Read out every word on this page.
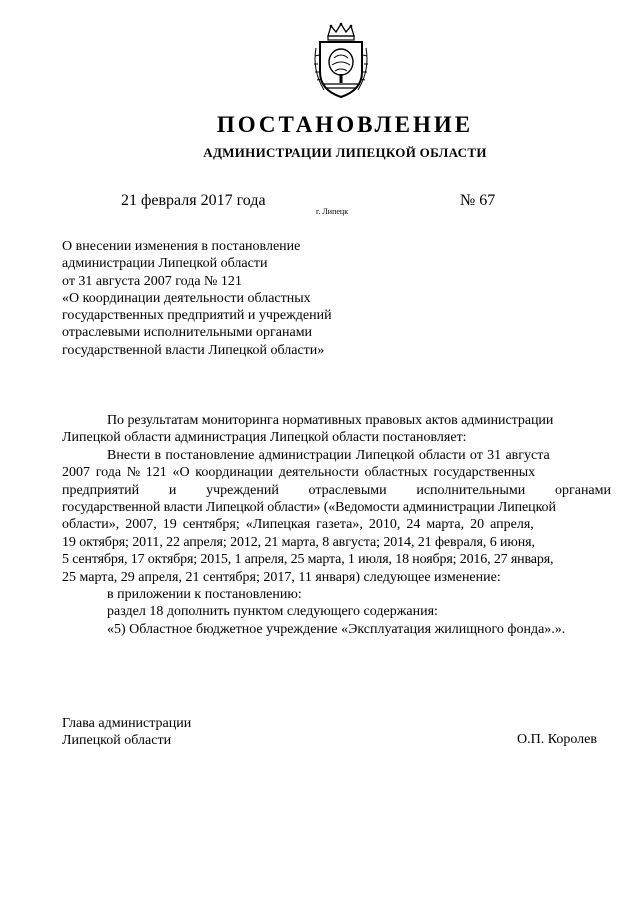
ПОСТАНОВЛЕНИЕ
АДМИНИСТРАЦИИ ЛИПЕЦКОЙ ОБЛАСТИ
21 февраля 2017 года
г. Липецк
№ 67
О внесении изменения в постановление
администрации Липецкой области
от 31 августа 2007 года № 121
«О координации деятельности областных
государственных предприятий и учреждений
отраслевыми исполнительными органами
государственной власти Липецкой области»
По результатам мониторинга нормативных правовых актов администрации
Липецкой области администрация Липецкой области постановляет:
Внести в постановление администрации Липецкой области от 31 августа
2007 года № 121 «О координации деятельности областных государственных
предприятий и учреждений отраслевыми исполнительными органами
государственной власти Липецкой области» («Ведомости администрации Липецкой
области», 2007, 19 сентября; «Липецкая газета», 2010, 24 марта, 20 апреля,
19 октября; 2011, 22 апреля; 2012, 21 марта, 8 августа; 2014, 21 февраля, 6 июня,
5 сентября, 17 октября; 2015, 1 апреля, 25 марта, 1 июля, 18 ноября; 2016, 27 января,
25 марта, 29 апреля, 21 сентября; 2017, 11 января) следующее изменение:
в приложении к постановлению:
раздел 18 дополнить пунктом следующего содержания:
«5) Областное бюджетное учреждение «Эксплуатация жилищного фонда».».
Глава администрации
Липецкой области	О.П. Королев
